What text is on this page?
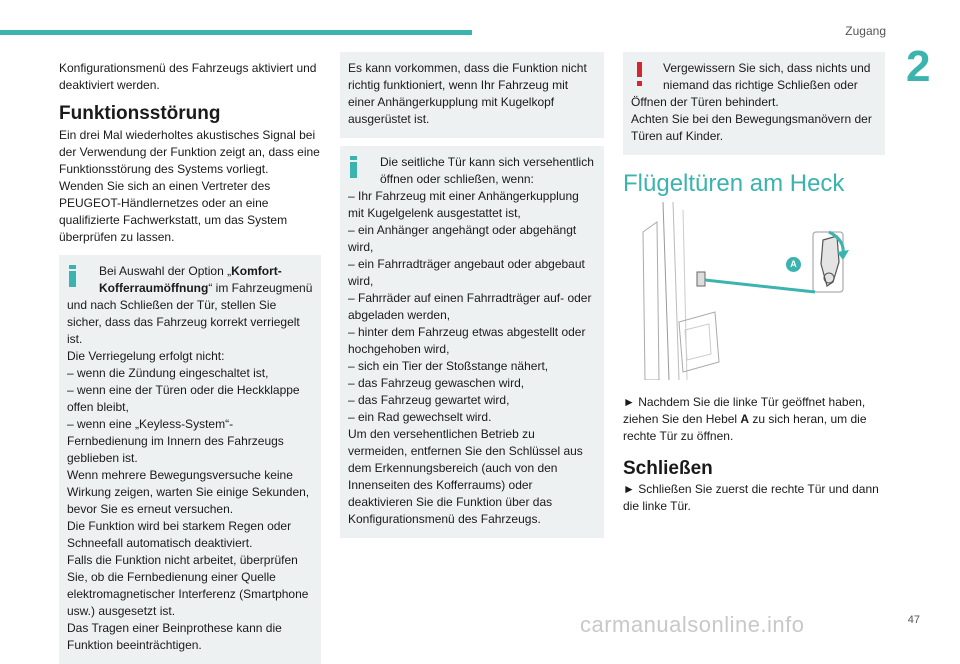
Zugang
2

Konfigurationsmenü des Fahrzeugs aktiviert und deaktiviert werden.

Funktionsstörung

Ein drei Mal wiederholtes akustisches Signal bei der Verwendung der Funktion zeigt an, dass eine Funktionsstörung des Systems vorliegt.

Wenden Sie sich an einen Vertreter des PEUGEOT-Händlernetzes oder an eine qualifizierte Fachwerkstatt, um das System überprüfen zu lassen.

Bei Auswahl der Option „Komfort-Kofferraumöffnung“ im Fahrzeugmenü

und nach Schließen der Tür, stellen Sie sicher, dass das Fahrzeug korrekt verriegelt ist.

Die Verriegelung erfolgt nicht:

– wenn die Zündung eingeschaltet ist,

– wenn eine der Türen oder die Heckklappe offen bleibt,

– wenn eine „Keyless-System“-Fernbedienung im Innern des Fahrzeugs geblieben ist.

Wenn mehrere Bewegungsversuche keine Wirkung zeigen, warten Sie einige Sekunden, bevor Sie es erneut versuchen.

Die Funktion wird bei starkem Regen oder Schneefall automatisch deaktiviert.

Falls die Funktion nicht arbeitet, überprüfen Sie, ob die Fernbedienung einer Quelle elektromagnetischer Interferenz (Smartphone usw.) ausgesetzt ist.

Das Tragen einer Beinprothese kann die Funktion beeinträchtigen.

Es kann vorkommen, dass die Funktion nicht richtig funktioniert, wenn Ihr Fahrzeug mit einer Anhängerkupplung mit Kugelkopf ausgerüstet ist.

Die seitliche Tür kann sich versehentlich öffnen oder schließen, wenn:

– Ihr Fahrzeug mit einer Anhängerkupplung mit Kugelgelenk ausgestattet ist,

– ein Anhänger angehängt oder abgehängt wird,

– ein Fahrradträger angebaut oder abgebaut wird,

– Fahrräder auf einen Fahrradträger auf- oder abgeladen werden,

– hinter dem Fahrzeug etwas abgestellt oder hochgehoben wird,

– sich ein Tier der Stoßstange nähert,

– das Fahrzeug gewaschen wird,

– das Fahrzeug gewartet wird,

– ein Rad gewechselt wird.

Um den versehentlichen Betrieb zu vermeiden, entfernen Sie den Schlüssel aus dem Erkennungsbereich (auch von den Innenseiten des Kofferraums) oder deaktivieren Sie die Funktion über das Konfigurationsmenü des Fahrzeugs.

Vergewissern Sie sich, dass nichts und niemand das richtige Schließen oder

Öffnen der Türen behindert.

Achten Sie bei den Bewegungsmanövern der Türen auf Kinder.

Flügeltüren am Heck
A

► Nachdem Sie die linke Tür geöffnet haben, ziehen Sie den Hebel A zu sich heran, um die rechte Tür zu öffnen.

Schließen

► Schließen Sie zuerst die rechte Tür und dann die linke Tür.

carmanualsonline.info	47
